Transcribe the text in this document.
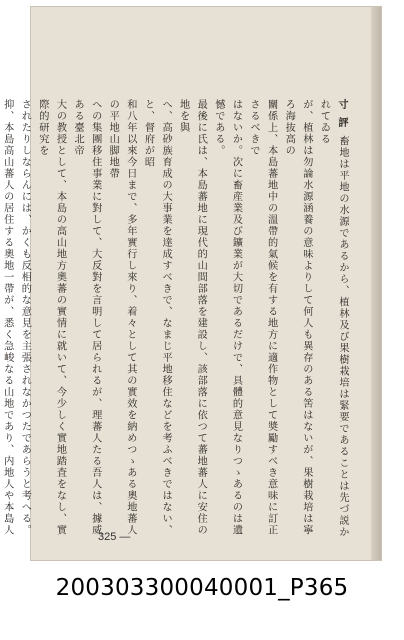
寸評畜地は平地の水源であるから、植林及び果樹栽培は緊要であることは先づ説かれてゐる

が、植林は勿論水源涵養の意味よりして何人も異存のある筈はないが、果樹栽培は寧ろ海抜高の

關係上、本島蕃地中の溫帶的氣候を有する地方に適作物として奬勵すべき意味に訂正さるべきで

はないか。次に畜産業及び鑛業が大切であるだけで、具體的意見なりつゝあるのは遺憾である。

最後に氏は、本島蕃地に現代的山間部落を建設し、該部落に依つて蕃地蕃人に安住の地を與

へ、高砂族育成の大事業を達成すべきで、なまじ平地移住などを考ふべきではない、と、督府が昭

和八年以來今日まで、多年實行し來り、着々として其の實效を納めつゝある奧地蕃人の平地山脚地帶

への集團移住事業に對して、大反對を言明して居られるが、理蕃人たる吾人は、據威ある臺北帝

大の教授として、本島の高山地方奧蕃の實情に就いて、今少しく實地踏査をなし、實際的研究を

されたりしならんには、かくも反相的な意見を主張されなかつたであらうと考へる。

抑、本島高山蕃人の居住する奧地一帶が、悉く急峻なる山地であり、内地人や本島人

325 —
200303300040001_P365
